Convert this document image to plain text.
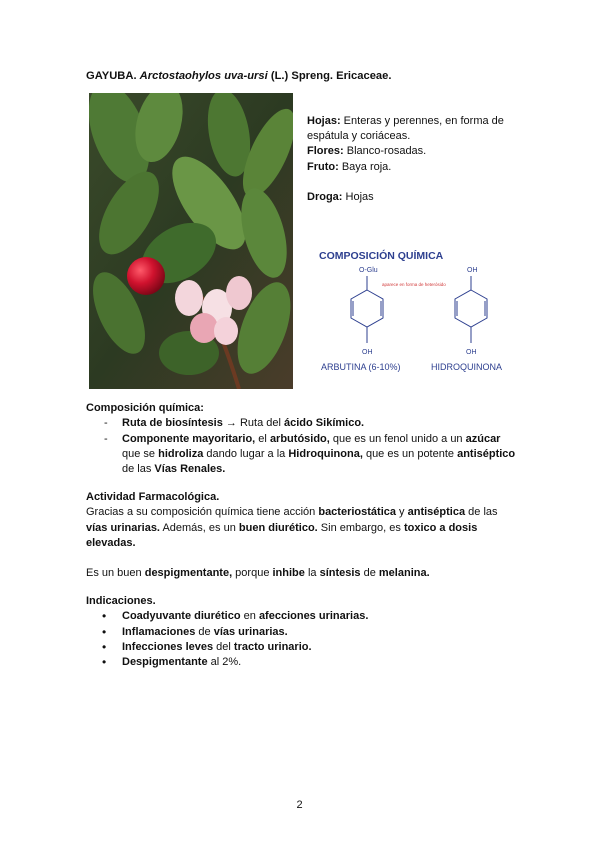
GAYUBA. Arctostaohylos uva-ursi (L.) Spreng. Ericaceae.

Hojas: Enteras y perennes, en forma de espátula y coriáceas.

Flores: Blanco-rosadas.

Fruto: Baya roja.

Droga: Hojas

COMPOSICIÓN QUÍMICA
O-Glu	OH
aparece en forma de heterósido
OH	OH
ARBUTINA (6-10%)	HIDROQUINONA

Composición química:

- Ruta de biosíntesis → Ruta del ácido Sikímico.
- Componente mayoritario, el arbutósido, que es un fenol unido a un azúcar que se hidroliza dando lugar a la Hidroquinona, que es un potente antiséptico de las Vías Renales.

Actividad Farmacológica.

Gracias a su composición química tiene acción bacteriostática y antiséptica de las vías urinarias. Además, es un buen diurético. Sin embargo, es toxico a dosis elevadas.

Es un buen despigmentante, porque inhibe la síntesis de melanina.

Indicaciones.

• Coadyuvante diurético en afecciones urinarias.
• Inflamaciones de vías urinarias.
• Infecciones leves del tracto urinario.
• Despigmentante al 2%.
2
